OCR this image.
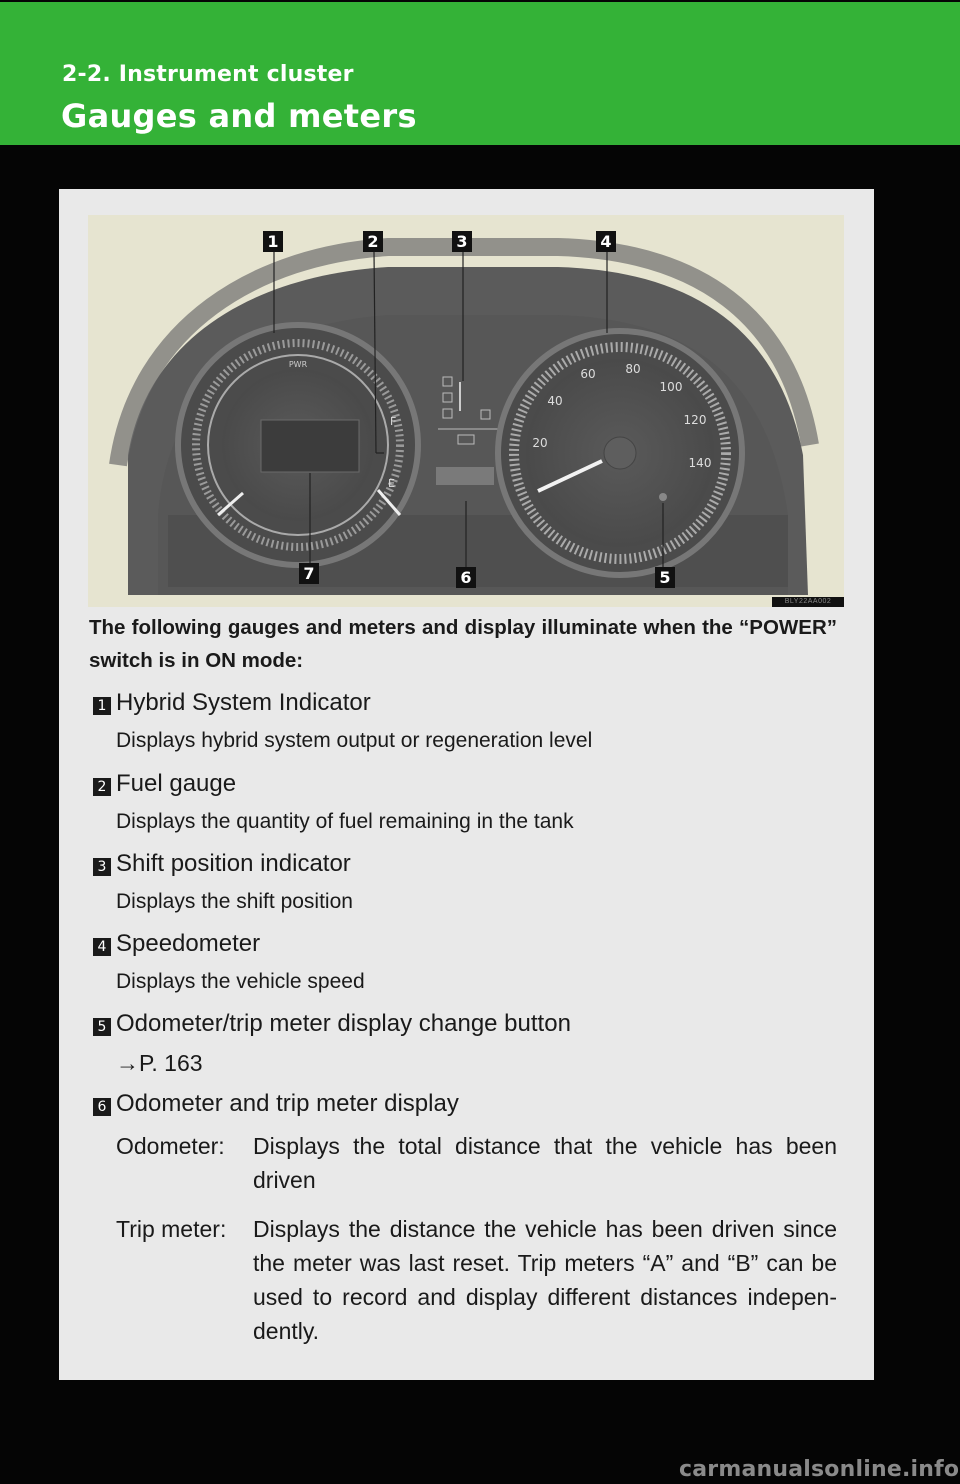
2-2. Instrument cluster
Gauges and meters
PWR
F
E
20
40
60 80
100
120
140
1	2	3	4
5
6
7
BLY22AA002
The following gauges and meters and display illuminate when the “POWER” switch is in ON mode:
1 Hybrid System Indicator
Displays hybrid system output or regeneration level
2 Fuel gauge
Displays the quantity of fuel remaining in the tank
3 Shift position indicator
Displays the shift position
4 Speedometer
Displays the vehicle speed
5 Odometer/trip meter display change button
→P. 163
6 Odometer and trip meter display
Odometer:	Displays the total distance that the vehicle has been driven
Trip meter:	Displays the distance the vehicle has been driven since the meter was last reset. Trip meters “A” and “B” can be used to record and display different distances indepen-dently.
carmanualsonline.info
